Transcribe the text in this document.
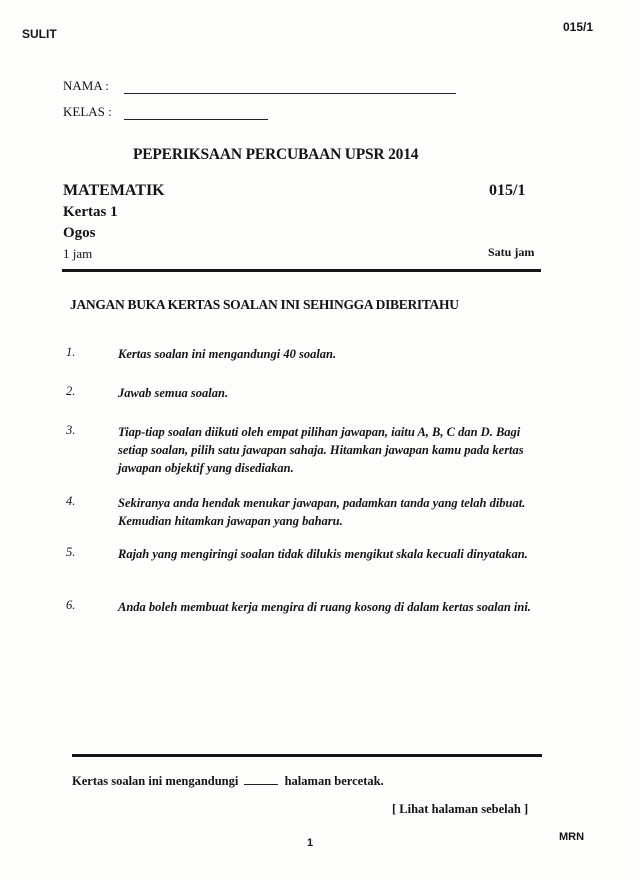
SULIT	015/1
NAMA :
KELAS :
PEPERIKSAAN PERCUBAAN UPSR 2014
MATEMATIK	015/1
Kertas 1
Ogos
1 jam	Satu jam
JANGAN BUKA KERTAS SOALAN INI SEHINGGA DIBERITAHU
1.	Kertas soalan ini mengandungi 40 soalan.
2.	Jawab semua soalan.
3.	Tiap-tiap soalan diikuti oleh empat pilihan jawapan, iaitu A, B, C dan D. Bagi setiap soalan, pilih satu jawapan sahaja. Hitamkan jawapan kamu pada kertas jawapan objektif yang disediakan.
4.	Sekiranya anda hendak menukar jawapan, padamkan tanda yang telah dibuat. Kemudian hitamkan jawapan yang baharu.
5.	Rajah yang mengiringi soalan tidak dilukis mengikut skala kecuali dinyatakan.
6.	Anda boleh membuat kerja mengira di ruang kosong di dalam kertas soalan ini.
Kertas soalan ini mengandungi	halaman bercetak.
[ Lihat halaman sebelah ]
1	MRN
